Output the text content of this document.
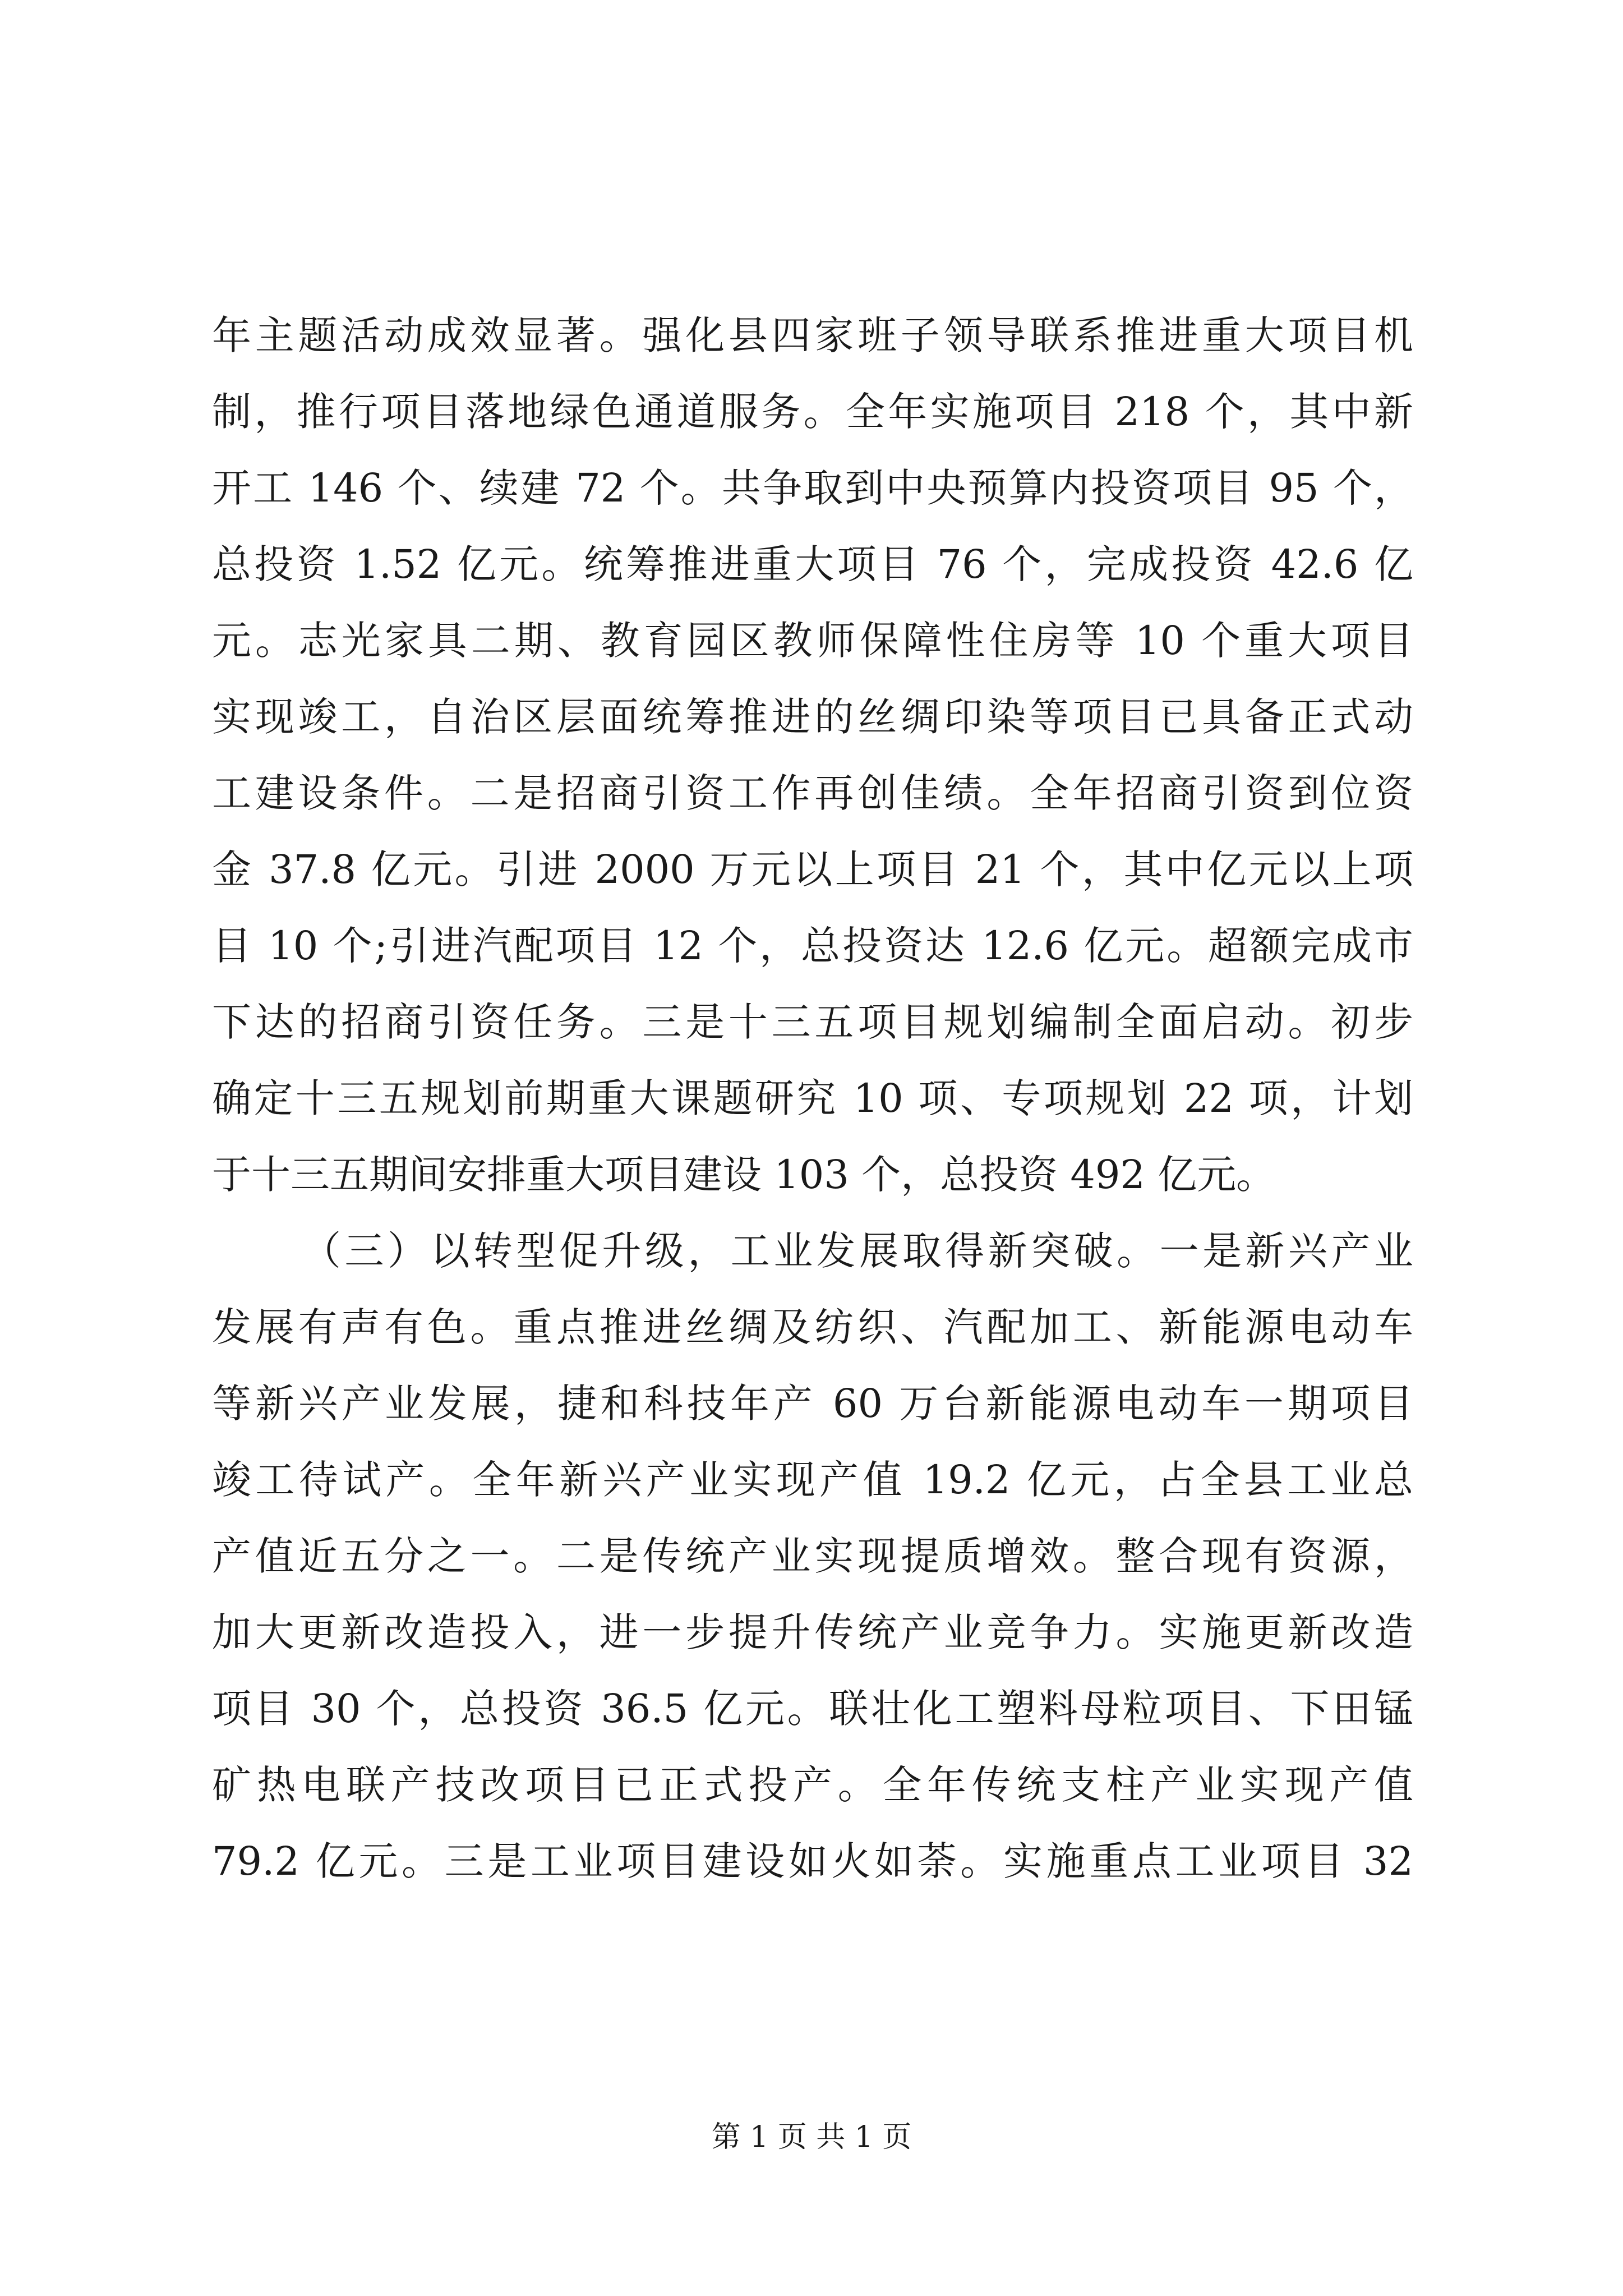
年主题活动成效显著。强化县四家班子领导联系推进重大项目机
制，推行项目落地绿色通道服务。全年实施项目 218 个，其中新
开工 146 个、续建 72 个。共争取到中央预算内投资项目 95 个，
总投资 1.52 亿元。统筹推进重大项目 76 个，完成投资 42.6 亿
元。志光家具二期、教育园区教师保障性住房等 10 个重大项目
实现竣工，自治区层面统筹推进的丝绸印染等项目已具备正式动
工建设条件。二是招商引资工作再创佳绩。全年招商引资到位资
金 37.8 亿元。引进 2000 万元以上项目 21 个，其中亿元以上项
目 10 个;引进汽配项目 12 个，总投资达 12.6 亿元。超额完成市
下达的招商引资任务。三是十三五项目规划编制全面启动。初步
确定十三五规划前期重大课题研究 10 项、专项规划 22 项，计划
于十三五期间安排重大项目建设 103 个，总投资 492 亿元。
（三）以转型促升级，工业发展取得新突破。一是新兴产业
发展有声有色。重点推进丝绸及纺织、汽配加工、新能源电动车
等新兴产业发展，捷和科技年产 60 万台新能源电动车一期项目
竣工待试产。全年新兴产业实现产值 19.2 亿元，占全县工业总
产值近五分之一。二是传统产业实现提质增效。整合现有资源，
加大更新改造投入，进一步提升传统产业竞争力。实施更新改造
项目 30 个，总投资 36.5 亿元。联壮化工塑料母粒项目、下田锰
矿热电联产技改项目已正式投产。全年传统支柱产业实现产值
79.2 亿元。三是工业项目建设如火如荼。实施重点工业项目 32
第 1 页 共 1 页
